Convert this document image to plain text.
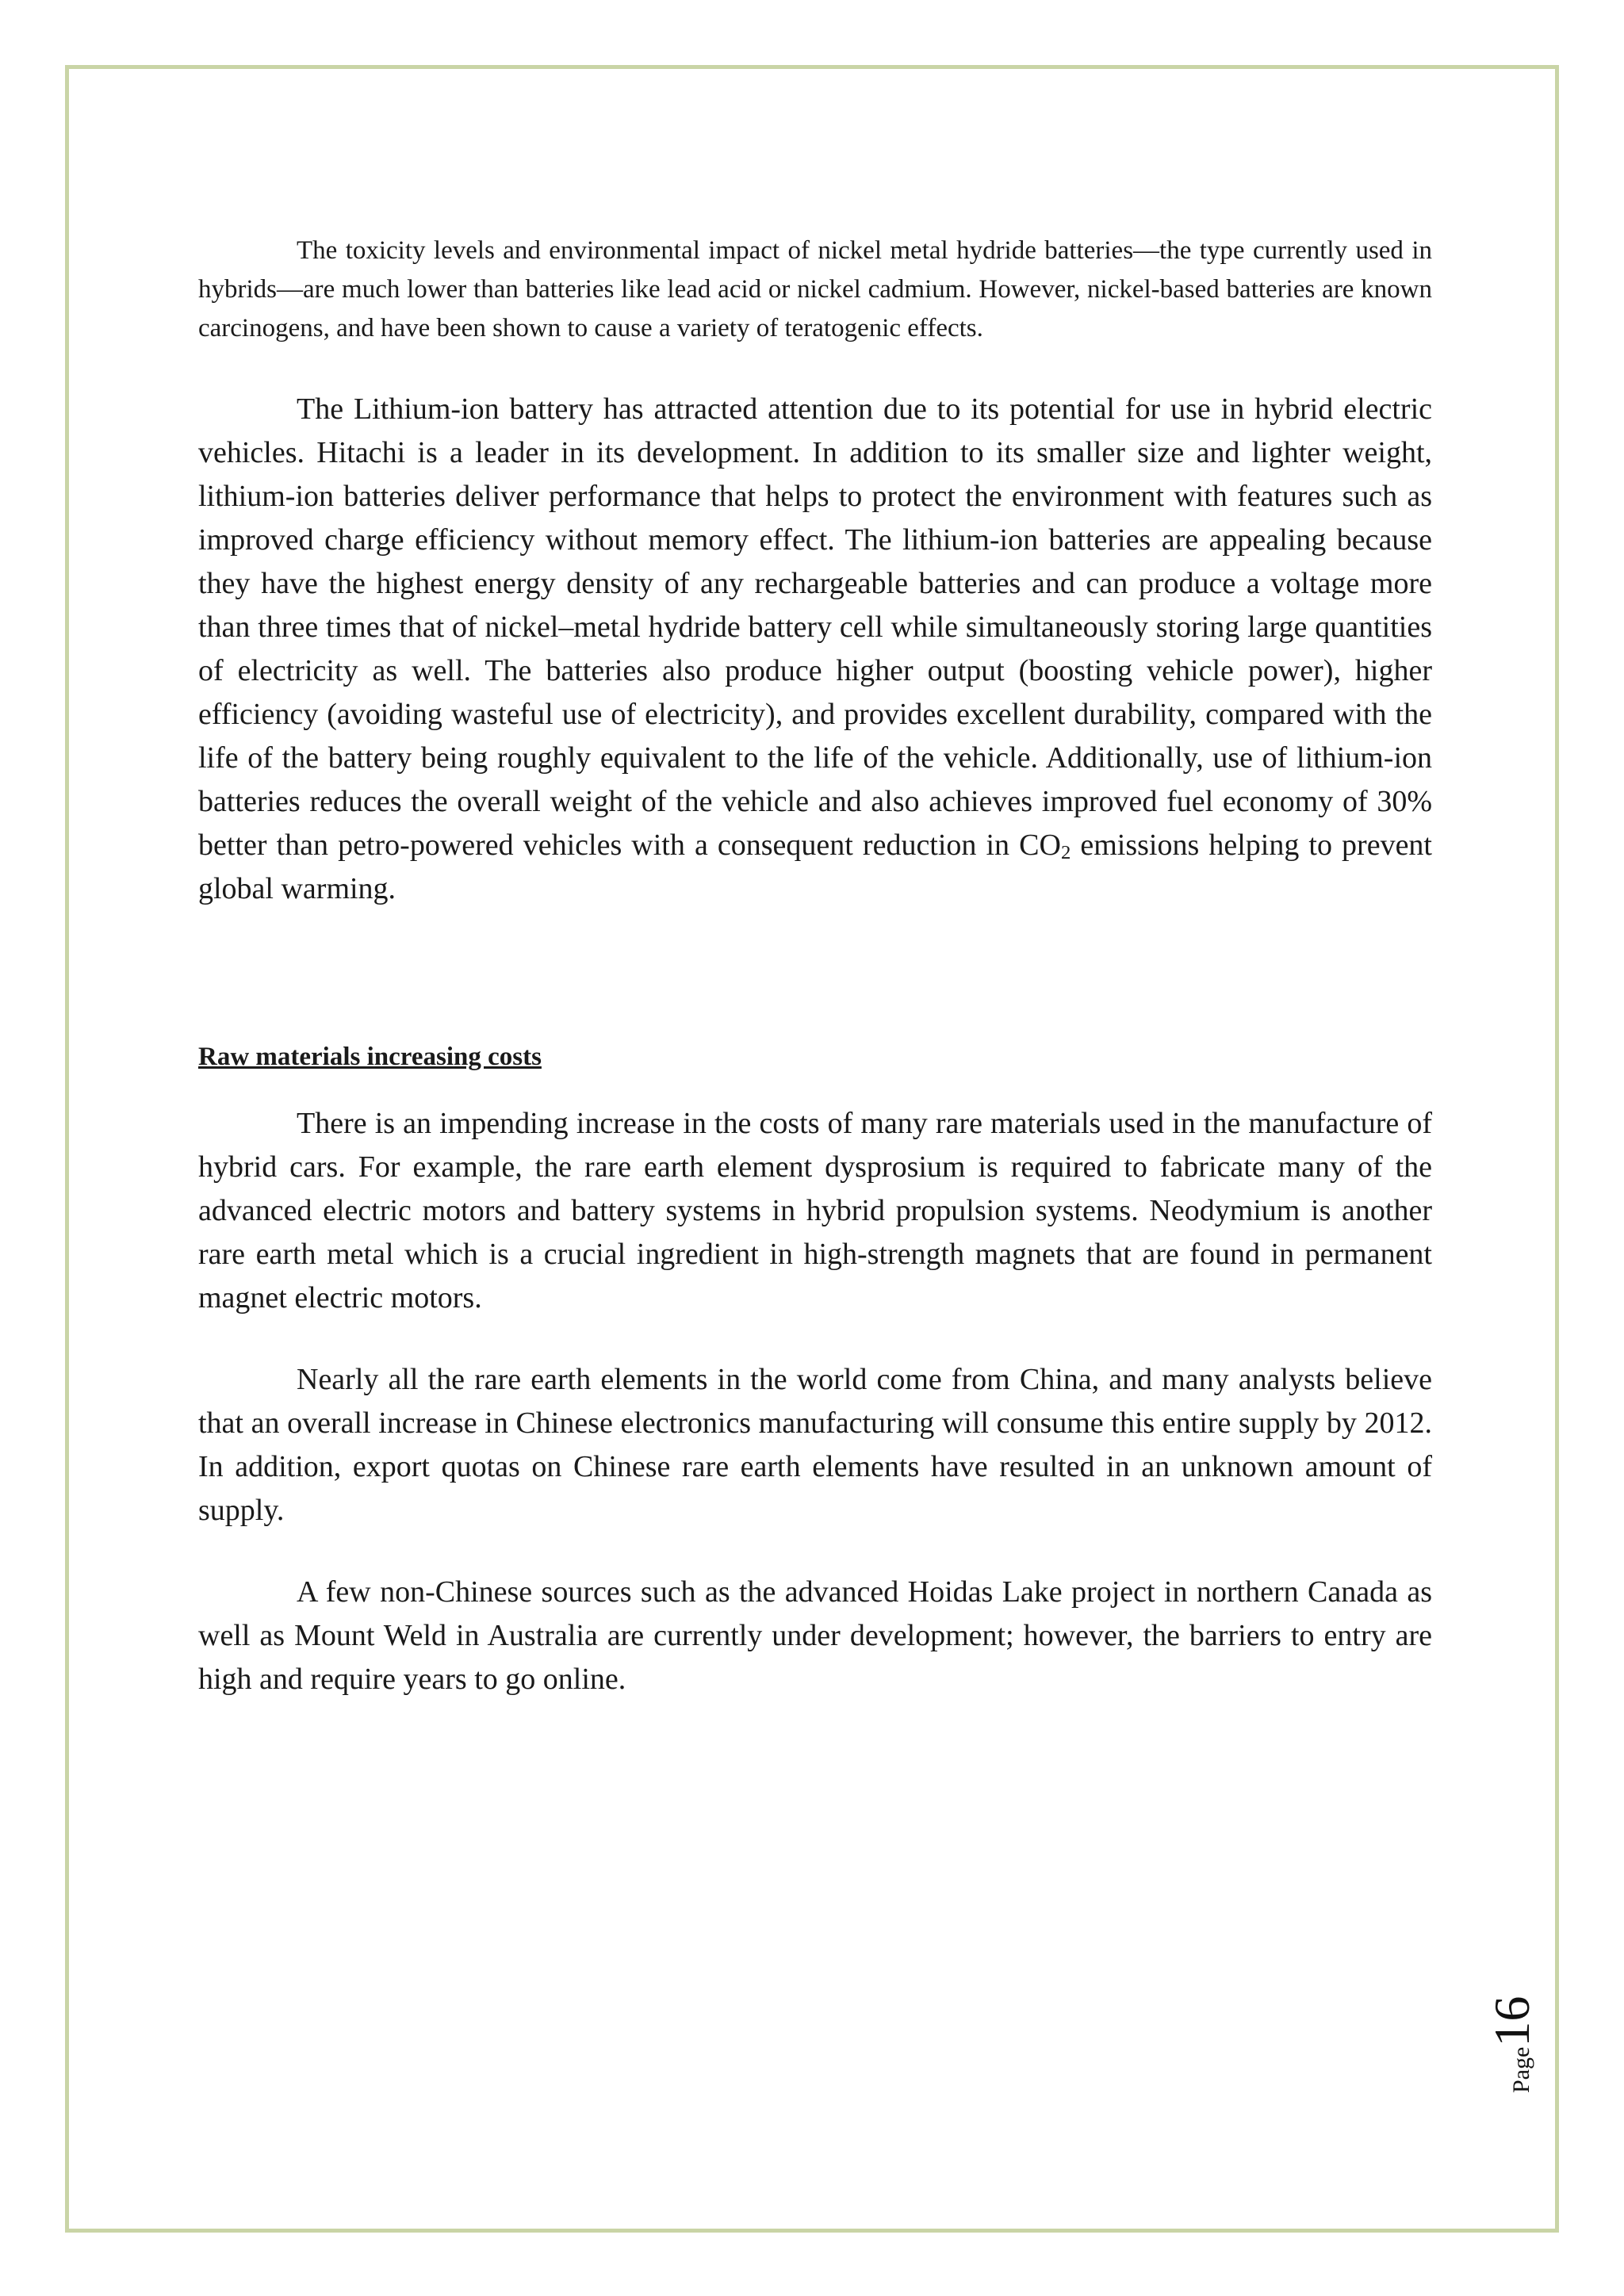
The toxicity levels and environmental impact of nickel metal hydride batteries—the type currently used in hybrids—are much lower than batteries like lead acid or nickel cadmium. However, nickel-based batteries are known carcinogens, and have been shown to cause a variety of teratogenic effects.

The Lithium-ion battery has attracted attention due to its potential for use in hybrid electric vehicles. Hitachi is a leader in its development. In addition to its smaller size and lighter weight, lithium-ion batteries deliver performance that helps to protect the environment with features such as improved charge efficiency without memory effect. The lithium-ion batteries are appealing because they have the highest energy density of any rechargeable batteries and can produce a voltage more than three times that of nickel–metal hydride battery cell while simultaneously storing large quantities of electricity as well. The batteries also produce higher output (boosting vehicle power), higher efficiency (avoiding wasteful use of electricity), and provides excellent durability, compared with the life of the battery being roughly equivalent to the life of the vehicle. Additionally, use of lithium-ion batteries reduces the overall weight of the vehicle and also achieves improved fuel economy of 30% better than petro-powered vehicles with a consequent reduction in $CO_2$ emissions helping to prevent global warming.

Raw materials increasing costs

There is an impending increase in the costs of many rare materials used in the manufacture of hybrid cars. For example, the rare earth element dysprosium is required to fabricate many of the advanced electric motors and battery systems in hybrid propulsion systems. Neodymium is another rare earth metal which is a crucial ingredient in high-strength magnets that are found in permanent magnet electric motors.

Nearly all the rare earth elements in the world come from China, and many analysts believe that an overall increase in Chinese electronics manufacturing will consume this entire supply by 2012. In addition, export quotas on Chinese rare earth elements have resulted in an unknown amount of supply.

A few non-Chinese sources such as the advanced Hoidas Lake project in northern Canada as well as Mount Weld in Australia are currently under development; however, the barriers to entry are high and require years to go online.

Page16
